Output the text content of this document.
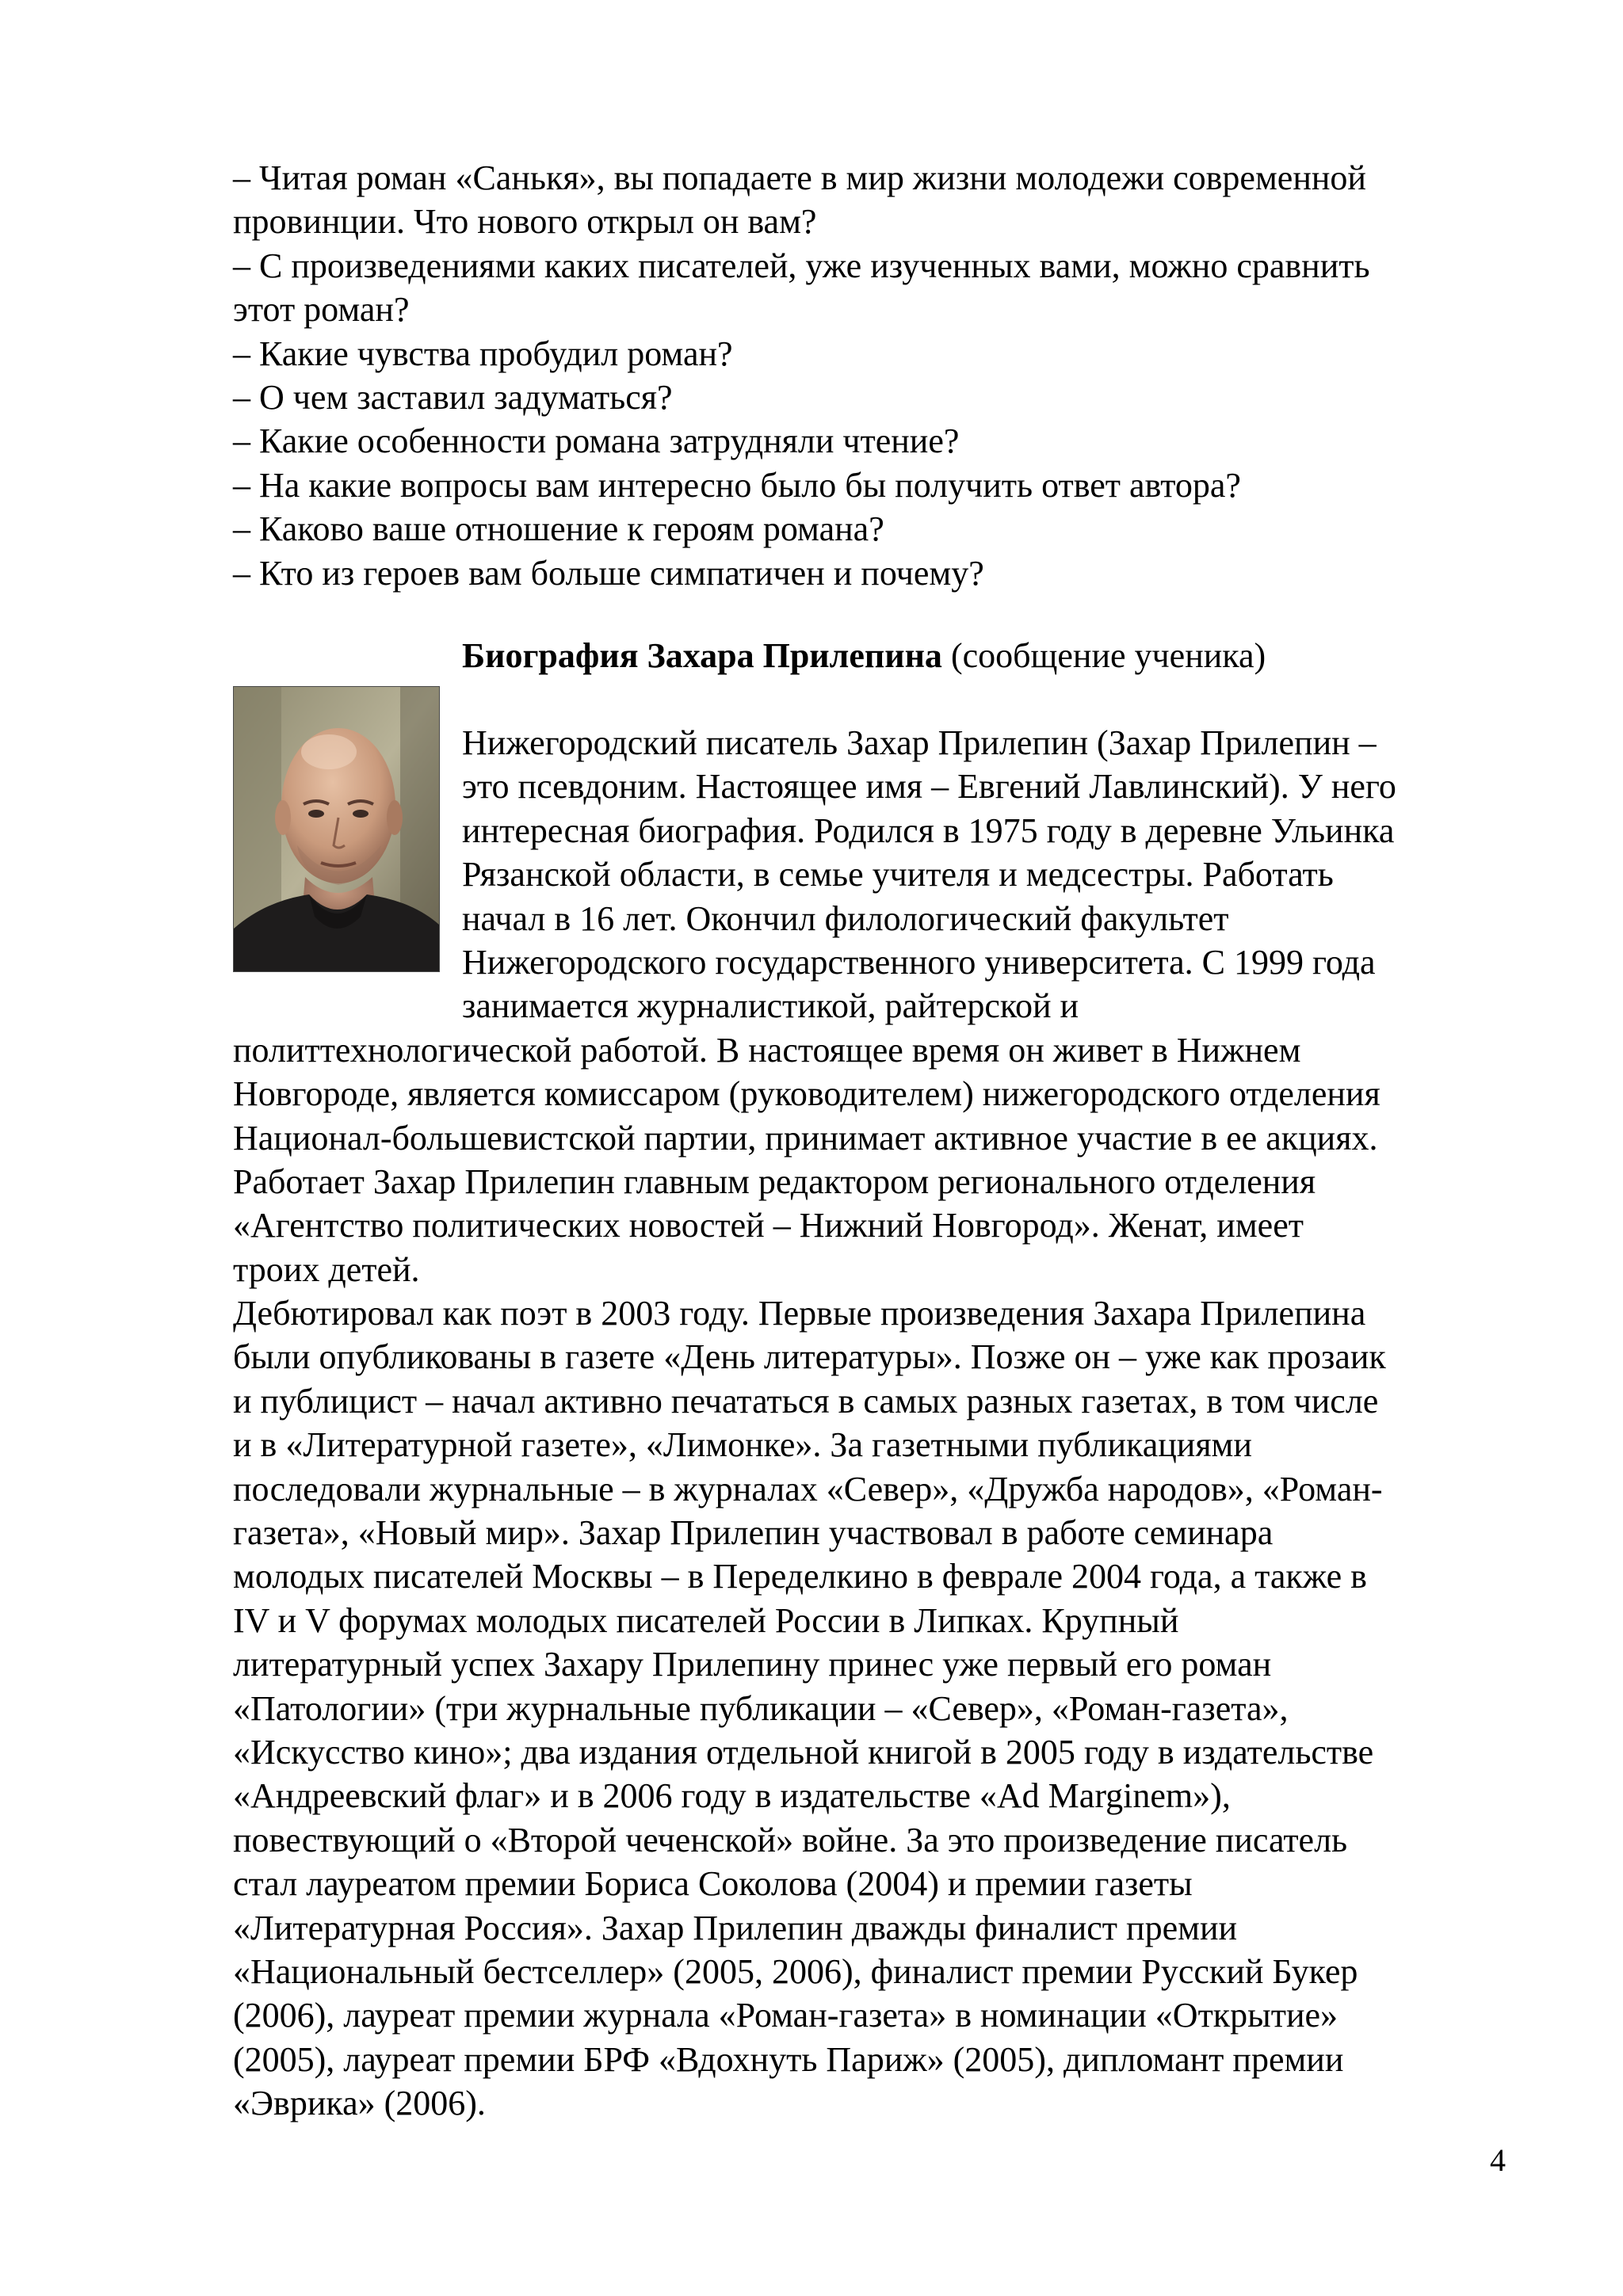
– Читая роман «Санькя», вы попадаете в мир жизни молодежи современной
провинции. Что нового открыл он вам?
– С произведениями каких писателей, уже изученных вами, можно сравнить
этот роман?
– Какие чувства пробудил роман?
– О чем заставил задуматься?
– Какие особенности романа затрудняли чтение?
– На какие вопросы вам интересно было бы получить ответ автора?
– Каково ваше отношение к героям романа?
– Кто из героев вам больше симпатичен и почему?
Биография Захара Прилепина (сообщение ученика)
Нижегородский писатель Захар Прилепин (Захар Прилепин –
это псевдоним. Настоящее имя – Евгений Лавлинский). У него
интересная биография. Родился в 1975 году в деревне Ульинка
Рязанской области, в семье учителя и медсестры. Работать
начал в 16 лет. Окончил филологический факультет
Нижегородского государственного университета. С 1999 года
занимается журналистикой, райтерской и
политтехнологической работой. В настоящее время он живет в Нижнем
Новгороде, является комиссаром (руководителем) нижегородского отделения
Национал-большевистской партии, принимает активное участие в ее акциях.
Работает Захар Прилепин главным редактором регионального отделения
«Агентство политических новостей – Нижний Новгород». Женат, имеет
троих детей.
Дебютировал как поэт в 2003 году. Первые произведения Захара Прилепина
были опубликованы в газете «День литературы». Позже он – уже как прозаик
и публицист – начал активно печататься в самых разных газетах, в том числе
и в «Литературной газете», «Лимонке». За газетными публикациями
последовали журнальные – в журналах «Север», «Дружба народов», «Роман-
газета», «Новый мир». Захар Прилепин участвовал в работе семинара
молодых писателей Москвы – в Переделкино в феврале 2004 года, а также в
IV и V форумах молодых писателей России в Липках. Крупный
литературный успех Захару Прилепину принес уже первый его роман
«Патологии» (три журнальные публикации – «Север», «Роман-газета»,
«Искусство кино»; два издания отдельной книгой в 2005 году в издательстве
«Андреевский флаг» и в 2006 году в издательстве «Ad Marginem»),
повествующий о «Второй чеченской» войне. За это произведение писатель
стал лауреатом премии Бориса Соколова (2004) и премии газеты
«Литературная Россия». Захар Прилепин дважды финалист премии
«Национальный бестселлер» (2005, 2006), финалист премии Русский Букер
(2006), лауреат премии журнала «Роман-газета» в номинации «Открытие»
(2005), лауреат премии БРФ «Вдохнуть Париж» (2005), дипломант премии
«Эврика» (2006).
4
